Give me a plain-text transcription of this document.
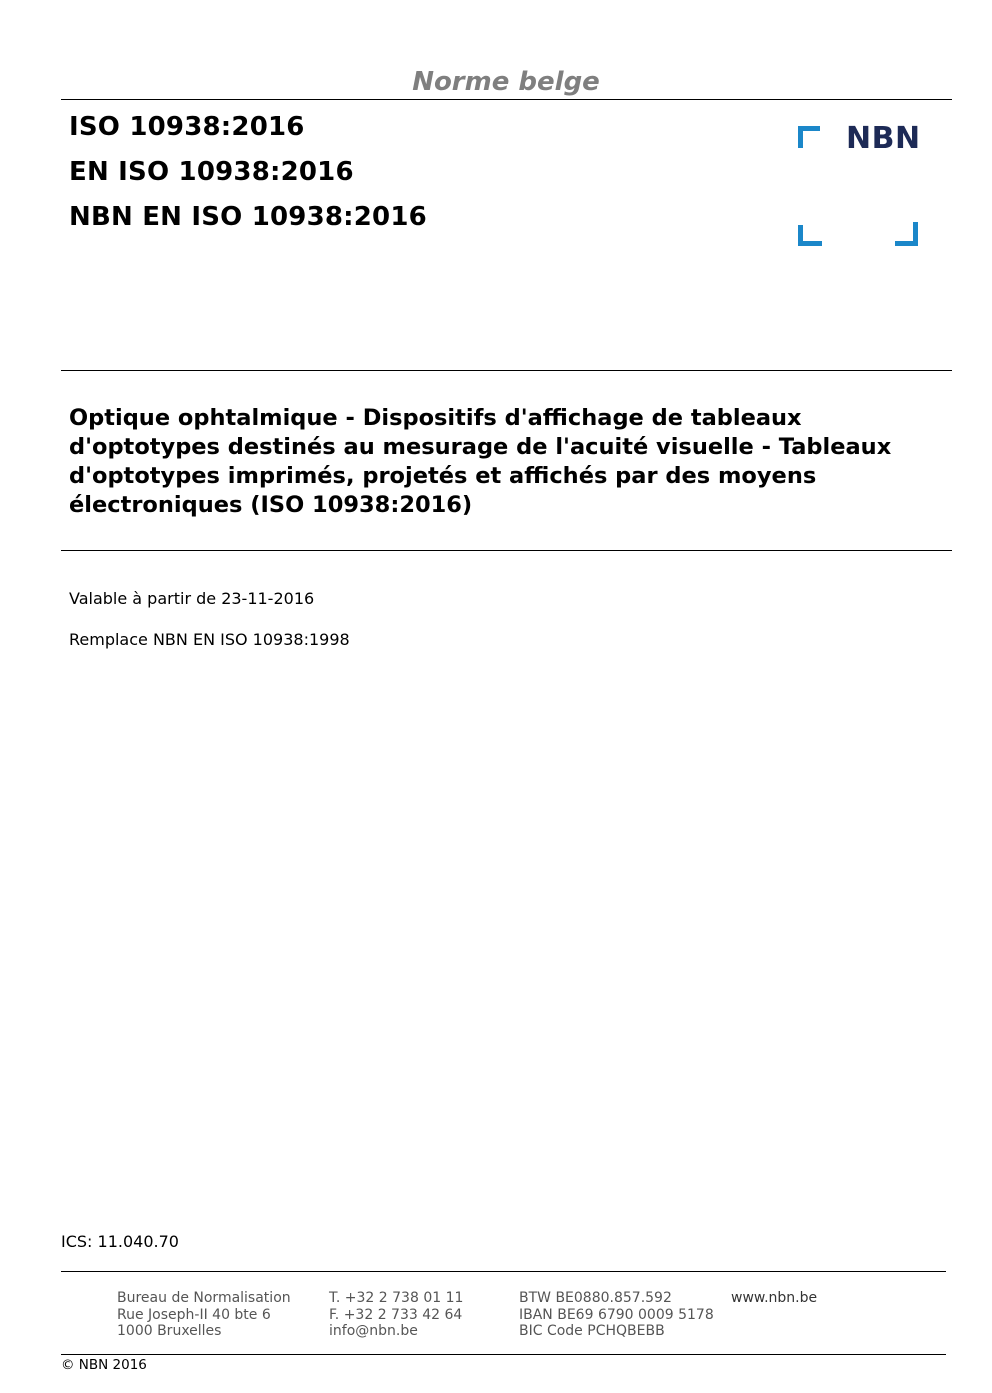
Norme belge
ISO 10938:2016
EN ISO 10938:2016
NBN EN ISO 10938:2016
NBN
Optique ophtalmique - Dispositifs d'affichage de tableaux d'optotypes destinés au mesurage de l'acuité visuelle - Tableaux d'optotypes imprimés, projetés et affichés par des moyens électroniques (ISO 10938:2016)
Valable à partir de 23-11-2016
Remplace NBN EN ISO 10938:1998
ICS: 11.040.70
Bureau de Normalisation
Rue Joseph-II 40 bte 6
1000 Bruxelles
T. +32 2 738 01 11
F. +32 2 733 42 64
info@nbn.be
BTW BE0880.857.592
IBAN BE69 6790 0009 5178
BIC Code PCHQBEBB
www.nbn.be
© NBN 2016
